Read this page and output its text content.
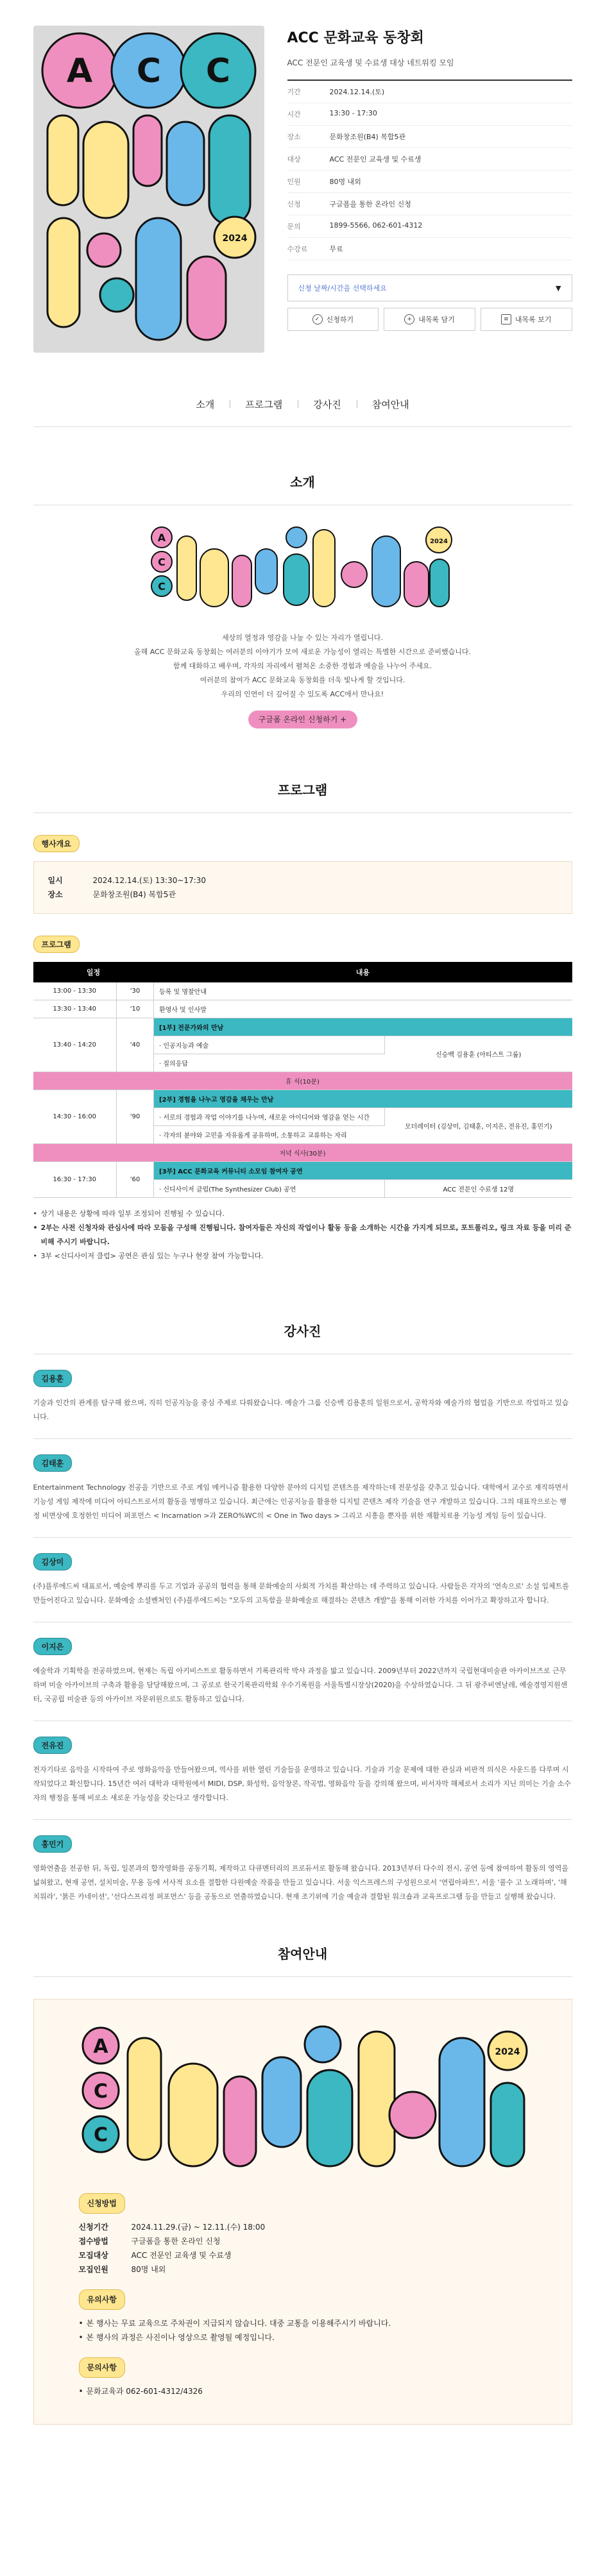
A C C
2024
ACC 문화교육 동창회
ACC 전문인 교육생 및 수료생 대상 네트워킹 모임
기간	2024.12.14.(토)
시간	13:30 - 17:30
장소	문화창조원(B4) 복합5관
대상	ACC 전문인 교육생 및 수료생
인원	80명 내외
신청	구글폼을 통한 온라인 신청
문의	1899-5566, 062-601-4312
수강료	무료
신청 날짜/시간을 선택하세요	▼
✓ 신청하기	+ 내목록 담기	≡ 내목록 보기
소개	프로그램	강사진	참여안내
소개
A
C
C
2024
세상의 열정과 영감을 나눌 수 있는 자리가 열립니다.
올해 ACC 문화교육 동창회는 여러분의 이야기가 모여 새로운 가능성이 열리는 특별한 시간으로 준비했습니다.
함께 대화하고 배우며, 각자의 자리에서 펼쳐온 소중한 경험과 예술을 나누어 주세요.
여러분의 참여가 ACC 문화교육 동창회를 더욱 빛나게 할 것입니다.
우리의 인연이 더 깊어질 수 있도록 ACC에서 만나요!
구글폼 온라인 신청하기 +
프로그램
행사개요
일시	2024.12.14.(토) 13:30~17:30
장소	문화창조원(B4) 복합5관
프로그램
일정		내용	
13:00 - 13:30	'30	등록 및 명찰안내	
13:30 - 13:40	'10	환영사 및 인사말	
13:40 - 14:20	'40	[1부] 전문가와의 만남	
		· 인공지능과 예술	신승백 김용훈 (아티스트 그룹)
		· 질의응답	
휴 식(10분)			
14:30 - 16:00	'90	[2부] 경험을 나누고 영감을 채우는 만남	
		· 서로의 경험과 작업 이야기를 나누며, 새로운 아이디어와 영감을 얻는 시간	모더레이터 (김상미, 김태훈, 이지은, 전유진, 홍민기)
		· 각자의 분야와 고민을 자유롭게 공유하며, 소통하고 교류하는 자리	
저녁 식사(30분)			
16:30 - 17:30	'60	[3부] ACC 문화교육 커뮤니티 소모임 참여자 공연	
		· 신디사이저 클럽(The Synthesizer Club) 공연	ACC 전문인 수료생 12명
• 상기 내용은 상황에 따라 일부 조정되어 진행될 수 있습니다.
• 2부는 사전 신청자와 관심사에 따라 모둠을 구성해 진행됩니다. 참여자들은 자신의 작업이나 활동 등을 소개하는 시간을 가지게 되므로, 포트폴리오, 링크 자료 등을 미리 준비해 주시기 바랍니다.
• 3부 <신디사이저 클럽> 공연은 관심 있는 누구나 현장 참여 가능합니다.
강사진
김용훈

기술과 인간의 관계를 탐구해 왔으며, 직히 인공지능을 중심 주제로 다뤄왔습니다. 예술가 그룹 신승백 김용훈의 일원으로서, 공학자와 예술가의 협업을 기반으로 작업하고 있습니다.

김태훈

Entertainment Technology 전공을 기반으로 주로 게임 메커니즘 활용한 다양한 분야의 디지털 콘텐츠를 제작하는데 전문성을 갖추고 있습니다. 대학에서 교수로 재직하면서 기능성 게임 제작에 미디어 아티스트로서의 활동을 병행하고 있습니다. 최근에는 인공지능을 활용한 디지털 콘텐츠 제작 기술을 연구 개발하고 있습니다. 그의 대표작으로는 행정 비면상에 호정한인 미디어 퍼포먼스 < Incarnation >과 ZERO%WC의 < One in Two days > 그리고 시흥을 뿐자를 위한 재활치료용 기능성 게임 등이 있습니다.

김상미

(주)플루에드씨 대표로서, 예술에 뿌리를 두고 기업과 공공의 협력을 통해 문화예술의 사회적 가치를 확산하는 데 주력하고 있습니다. 사람들은 각자의 '연속으로' 소설 입체트를 만들어진다고 있습니다. 문화예술 소셜벤처인 (주)플루에드씨는 "모두의 고독함을 문화예술로 해결하는 콘텐츠 개발"을 통해 이러한 가치를 이어가고 확장하고자 합니다.

이지은

예술학과 기획학을 전공하였으며, 현재는 독립 아키비스트로 활동하면서 기록관리학 박사 과정을 밟고 있습니다. 2009년부터 2022년까지 국립현대미술관 아카이브즈로 근무하며 미술 아카이브의 구축과 활용을 담당해왔으며, 그 공로로 한국기록관리학회 우수기록원을 서울특별시장상(2020)을 수상하였습니다. 그 뒤 광주비엔날레, 예술경영지원센터, 국공립 미술관 등의 아카이브 자문위원으로도 활동하고 있습니다.

전유진

전자기타로 음악을 시작하여 주로 영화음악을 만들어왔으며, 역사를 위한 열린 기술들을 운영하고 있습니다. 기술과 기술 문제에 대한 관심과 비판적 의식은 사운드를 다루며 시작되었다고 확신합니다. 15년간 여러 대학과 대학원에서 MIDI, DSP, 화성학, 음악창론, 작곡법, 영화음악 등을 강의해 왔으며, 비서자막 해체로서 소리가 지닌 의미는 기술 소수자의 행정을 통해 비로소 새로운 가능성을 갖는다고 생각합니다.

홍민기

영화연출을 전공한 뒤, 독립, 일본과의 합작영화를 공동기획, 제작하고 다큐멘터리의 프로듀서로 활동해 왔습니다. 2013년부터 다수의 전시, 공연 등에 참여하여 활동의 영역을 넓혀왔고, 현재 공연, 설치미술, 무용 등에 서사적 요소를 결합한 다원예술 작품을 만들고 있습니다. 서울 익스프레스의 구성원으로서 '연립아파트', 서울 '풀수 고 노래하며', '해치워라', '붉은 카네이션', '선다스프리정 퍼포먼스' 등을 공동으로 연출하였습니다. 현재 조기위에 기술 예술과 결합된 워크숍과 교육프로그램 등을 만들고 실행해 왔습니다.

참여안내
A
C
C
2024
신청방법
신청기간	2024.11.29.(금) ~ 12.11.(수) 18:00
접수방법	구글폼을 통한 온라인 신청
모집대상	ACC 전문인 교육생 및 수료생
모집인원	80명 내외
유의사항
• 본 행사는 무료 교육으로 주차권이 지급되지 않습니다. 대중 교통을 이용해주시기 바랍니다.
• 본 행사의 과정은 사진이나 영상으로 촬영될 예정입니다.
문의사항
• 문화교육과 062-601-4312/4326
